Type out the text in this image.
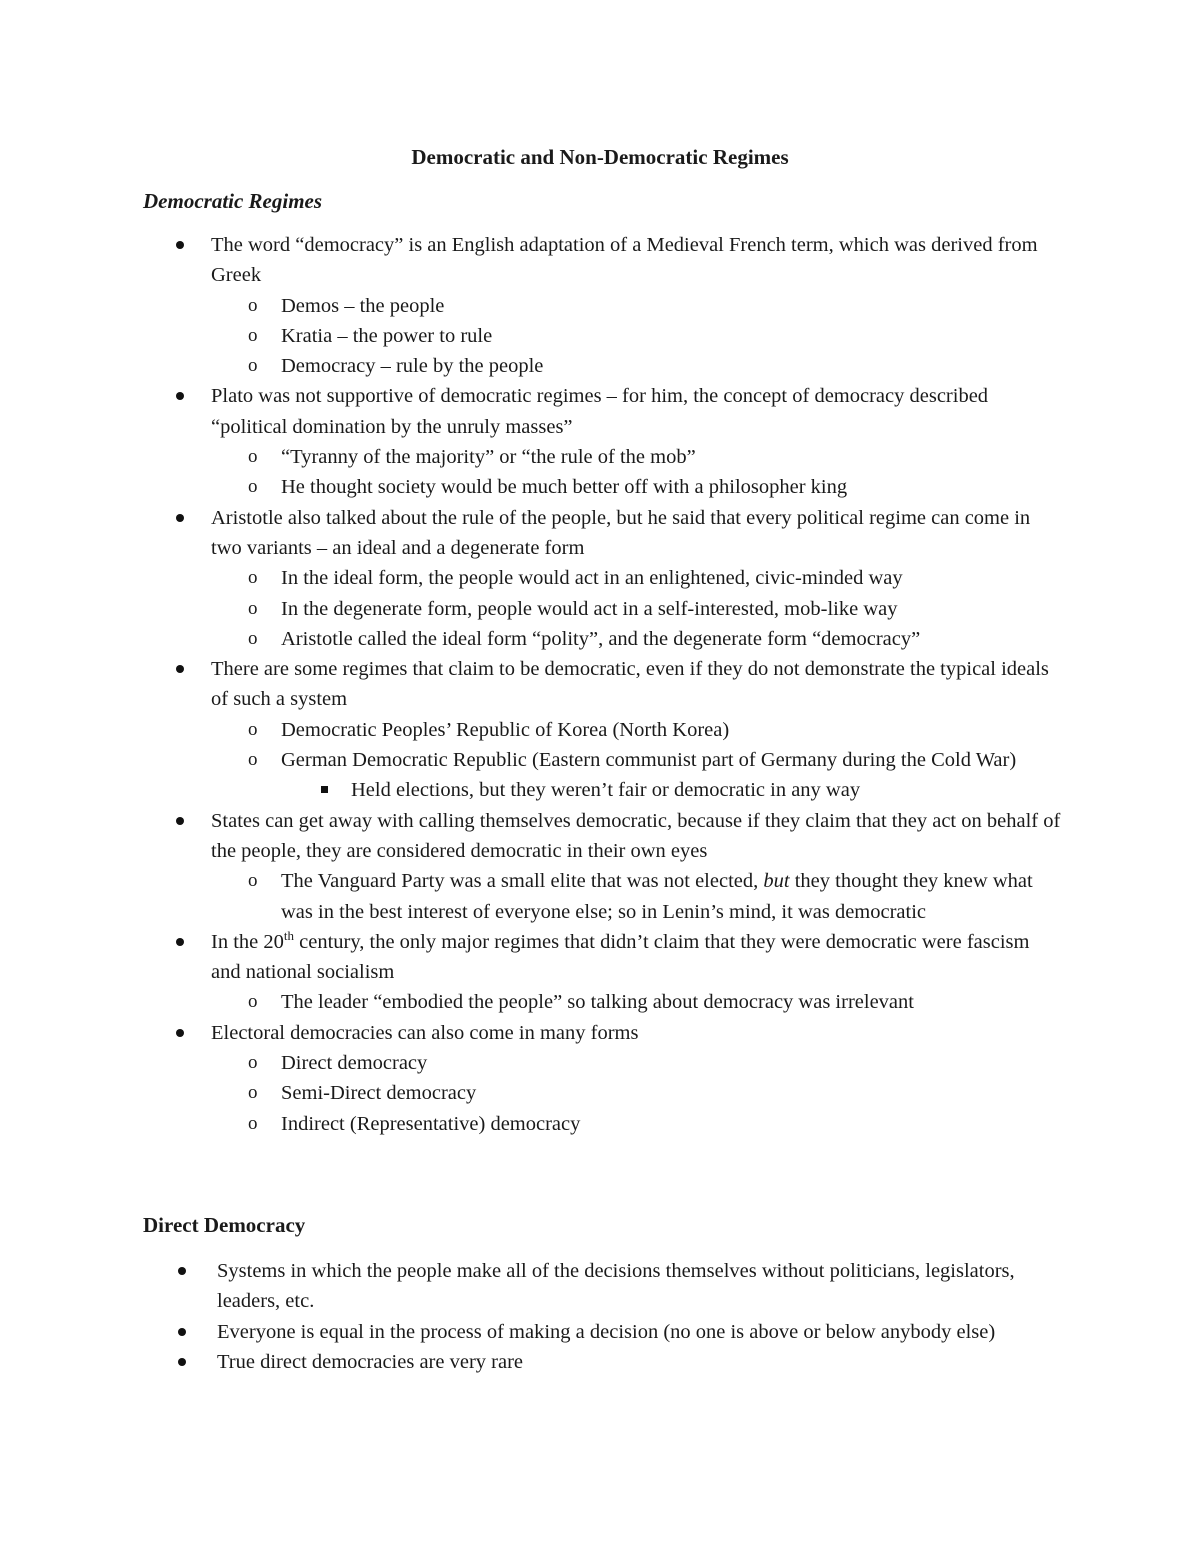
Democratic and Non-Democratic Regimes
Democratic Regimes
The word “democracy” is an English adaptation of a Medieval French term, which was derived from Greek
o Demos – the people
o Kratia – the power to rule
o Democracy – rule by the people
Plato was not supportive of democratic regimes – for him, the concept of democracy described “political domination by the unruly masses”
o “Tyranny of the majority” or “the rule of the mob”
o He thought society would be much better off with a philosopher king
Aristotle also talked about the rule of the people, but he said that every political regime can come in two variants – an ideal and a degenerate form
o In the ideal form, the people would act in an enlightened, civic-minded way
o In the degenerate form, people would act in a self-interested, mob-like way
o Aristotle called the ideal form “polity”, and the degenerate form “democracy”
There are some regimes that claim to be democratic, even if they do not demonstrate the typical ideals of such a system
o Democratic Peoples’ Republic of Korea (North Korea)
o German Democratic Republic (Eastern communist part of Germany during the Cold War)
Held elections, but they weren’t fair or democratic in any way
States can get away with calling themselves democratic, because if they claim that they act on behalf of the people, they are considered democratic in their own eyes
o The Vanguard Party was a small elite that was not elected, but they thought they knew what was in the best interest of everyone else; so in Lenin’s mind, it was democratic
In the 20th century, the only major regimes that didn’t claim that they were democratic were fascism and national socialism
o The leader “embodied the people” so talking about democracy was irrelevant
Electoral democracies can also come in many forms
o Direct democracy
o Semi-Direct democracy
o Indirect (Representative) democracy
Direct Democracy
Systems in which the people make all of the decisions themselves without politicians, legislators, leaders, etc.
Everyone is equal in the process of making a decision (no one is above or below anybody else)
True direct democracies are very rare
